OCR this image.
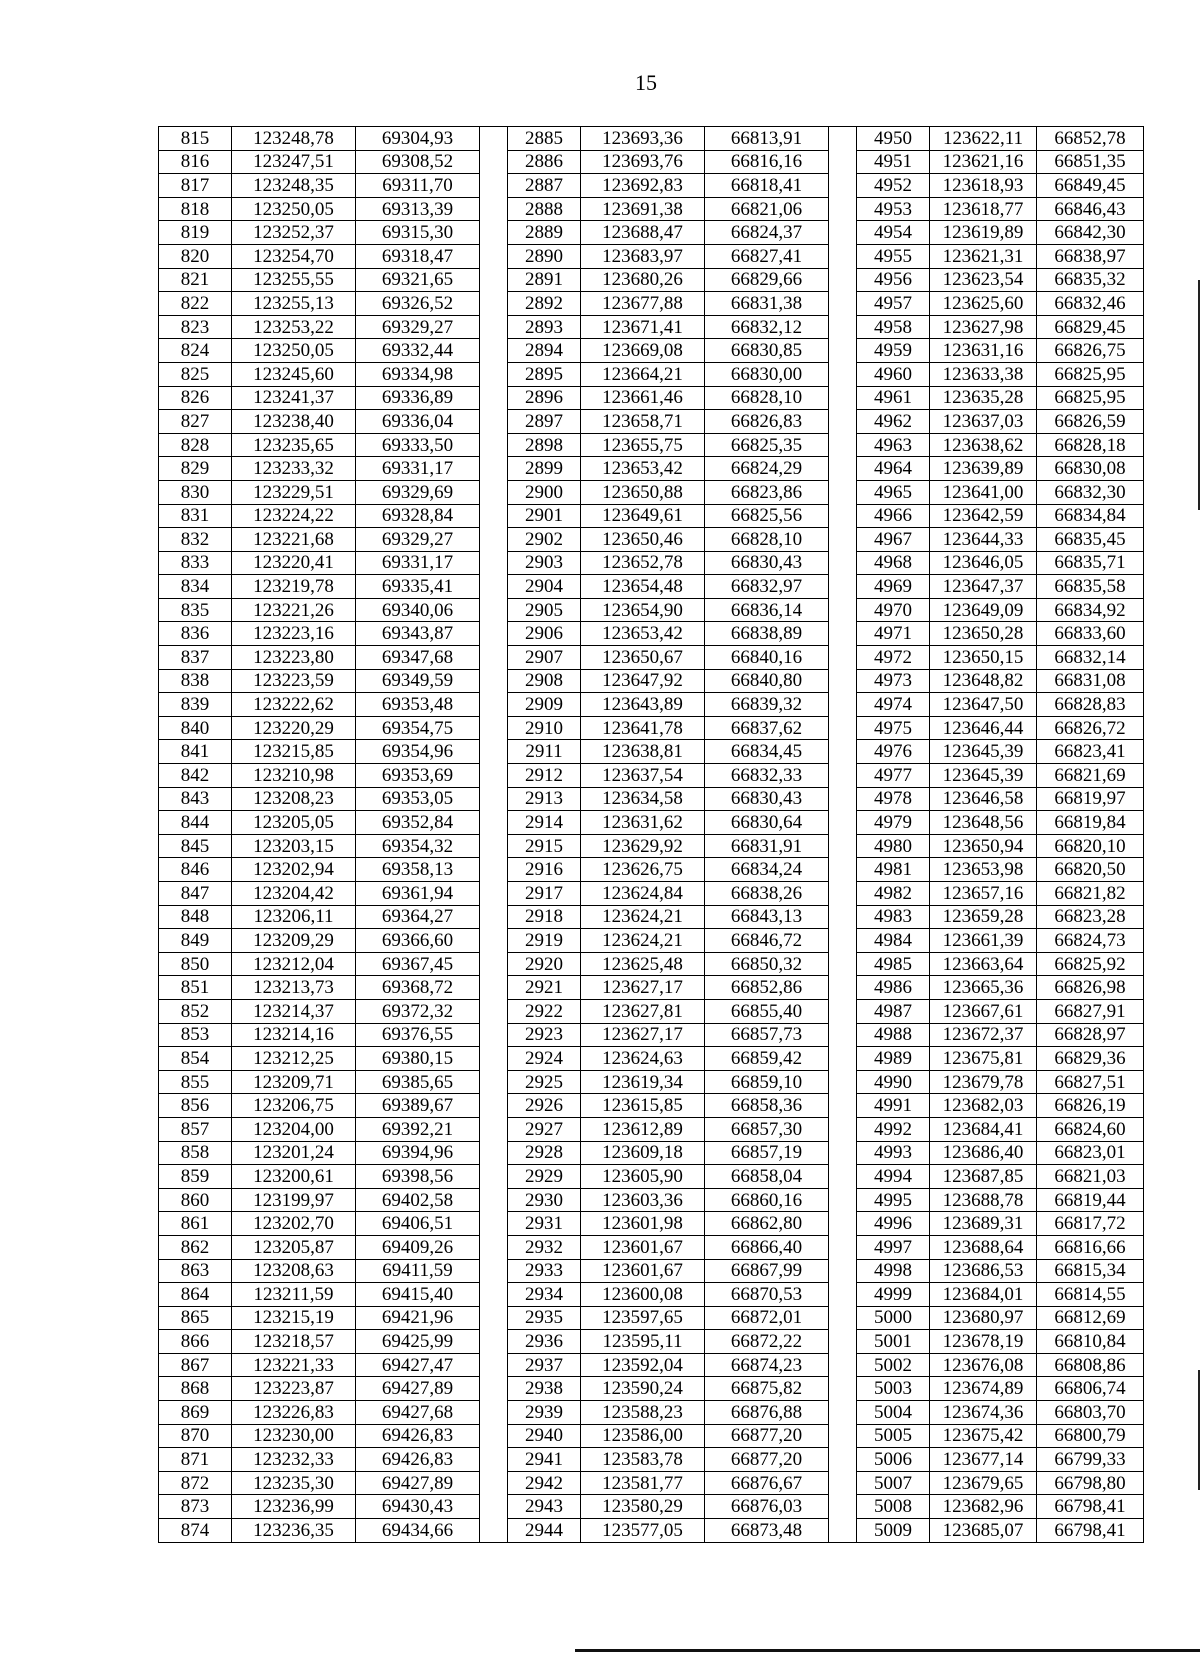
15
815	123248,78	69304,93		2885	123693,36	66813,91		4950	123622,11	66852,78
816	123247,51	69308,52		2886	123693,76	66816,16		4951	123621,16	66851,35
817	123248,35	69311,70		2887	123692,83	66818,41		4952	123618,93	66849,45
818	123250,05	69313,39		2888	123691,38	66821,06		4953	123618,77	66846,43
819	123252,37	69315,30		2889	123688,47	66824,37		4954	123619,89	66842,30
820	123254,70	69318,47		2890	123683,97	66827,41		4955	123621,31	66838,97
821	123255,55	69321,65		2891	123680,26	66829,66		4956	123623,54	66835,32
822	123255,13	69326,52		2892	123677,88	66831,38		4957	123625,60	66832,46
823	123253,22	69329,27		2893	123671,41	66832,12		4958	123627,98	66829,45
824	123250,05	69332,44		2894	123669,08	66830,85		4959	123631,16	66826,75
825	123245,60	69334,98		2895	123664,21	66830,00		4960	123633,38	66825,95
826	123241,37	69336,89		2896	123661,46	66828,10		4961	123635,28	66825,95
827	123238,40	69336,04		2897	123658,71	66826,83		4962	123637,03	66826,59
828	123235,65	69333,50		2898	123655,75	66825,35		4963	123638,62	66828,18
829	123233,32	69331,17		2899	123653,42	66824,29		4964	123639,89	66830,08
830	123229,51	69329,69		2900	123650,88	66823,86		4965	123641,00	66832,30
831	123224,22	69328,84		2901	123649,61	66825,56		4966	123642,59	66834,84
832	123221,68	69329,27		2902	123650,46	66828,10		4967	123644,33	66835,45
833	123220,41	69331,17		2903	123652,78	66830,43		4968	123646,05	66835,71
834	123219,78	69335,41		2904	123654,48	66832,97		4969	123647,37	66835,58
835	123221,26	69340,06		2905	123654,90	66836,14		4970	123649,09	66834,92
836	123223,16	69343,87		2906	123653,42	66838,89		4971	123650,28	66833,60
837	123223,80	69347,68		2907	123650,67	66840,16		4972	123650,15	66832,14
838	123223,59	69349,59		2908	123647,92	66840,80		4973	123648,82	66831,08
839	123222,62	69353,48		2909	123643,89	66839,32		4974	123647,50	66828,83
840	123220,29	69354,75		2910	123641,78	66837,62		4975	123646,44	66826,72
841	123215,85	69354,96		2911	123638,81	66834,45		4976	123645,39	66823,41
842	123210,98	69353,69		2912	123637,54	66832,33		4977	123645,39	66821,69
843	123208,23	69353,05		2913	123634,58	66830,43		4978	123646,58	66819,97
844	123205,05	69352,84		2914	123631,62	66830,64		4979	123648,56	66819,84
845	123203,15	69354,32		2915	123629,92	66831,91		4980	123650,94	66820,10
846	123202,94	69358,13		2916	123626,75	66834,24		4981	123653,98	66820,50
847	123204,42	69361,94		2917	123624,84	66838,26		4982	123657,16	66821,82
848	123206,11	69364,27		2918	123624,21	66843,13		4983	123659,28	66823,28
849	123209,29	69366,60		2919	123624,21	66846,72		4984	123661,39	66824,73
850	123212,04	69367,45		2920	123625,48	66850,32		4985	123663,64	66825,92
851	123213,73	69368,72		2921	123627,17	66852,86		4986	123665,36	66826,98
852	123214,37	69372,32		2922	123627,81	66855,40		4987	123667,61	66827,91
853	123214,16	69376,55		2923	123627,17	66857,73		4988	123672,37	66828,97
854	123212,25	69380,15		2924	123624,63	66859,42		4989	123675,81	66829,36
855	123209,71	69385,65		2925	123619,34	66859,10		4990	123679,78	66827,51
856	123206,75	69389,67		2926	123615,85	66858,36		4991	123682,03	66826,19
857	123204,00	69392,21		2927	123612,89	66857,30		4992	123684,41	66824,60
858	123201,24	69394,96		2928	123609,18	66857,19		4993	123686,40	66823,01
859	123200,61	69398,56		2929	123605,90	66858,04		4994	123687,85	66821,03
860	123199,97	69402,58		2930	123603,36	66860,16		4995	123688,78	66819,44
861	123202,70	69406,51		2931	123601,98	66862,80		4996	123689,31	66817,72
862	123205,87	69409,26		2932	123601,67	66866,40		4997	123688,64	66816,66
863	123208,63	69411,59		2933	123601,67	66867,99		4998	123686,53	66815,34
864	123211,59	69415,40		2934	123600,08	66870,53		4999	123684,01	66814,55
865	123215,19	69421,96		2935	123597,65	66872,01		5000	123680,97	66812,69
866	123218,57	69425,99		2936	123595,11	66872,22		5001	123678,19	66810,84
867	123221,33	69427,47		2937	123592,04	66874,23		5002	123676,08	66808,86
868	123223,87	69427,89		2938	123590,24	66875,82		5003	123674,89	66806,74
869	123226,83	69427,68		2939	123588,23	66876,88		5004	123674,36	66803,70
870	123230,00	69426,83		2940	123586,00	66877,20		5005	123675,42	66800,79
871	123232,33	69426,83		2941	123583,78	66877,20		5006	123677,14	66799,33
872	123235,30	69427,89		2942	123581,77	66876,67		5007	123679,65	66798,80
873	123236,99	69430,43		2943	123580,29	66876,03		5008	123682,96	66798,41
874	123236,35	69434,66		2944	123577,05	66873,48		5009	123685,07	66798,41
